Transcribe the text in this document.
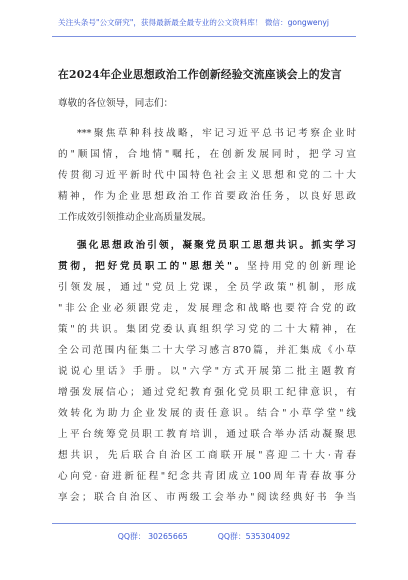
关注头条号"公文研究"，获得最新最全最专业的公文资料库！ 微信：gongwenyj
在2024年企业思想政治工作创新经验交流座谈会上的发言
尊敬的各位领导，同志们：
***聚焦草种科技战略，牢记习近平总书记考察企业时
的"顺国情，合地情"嘱托，在创新发展同时，把学习宣
传贯彻习近平新时代中国特色社会主义思想和党的二十大
精神，作为企业思想政治工作首要政治任务，以良好思政
工作成效引领推动企业高质量发展。
强化思想政治引领，凝聚党员职工思想共识。抓实学习
贯彻，把好党员职工的"思想关"。坚持用党的创新理论
引领发展，通过"党员上党课，全员学政策"机制，形成
"非公企业必须跟党走，发展理念和战略也要符合党的政
策"的共识。集团党委认真组织学习党的二十大精神，在
全公司范围内征集二十大学习感言870篇，并汇集成《小草
说说心里话》手册。以"六学"方式开展第二批主题教育
增强发展信心；通过党纪教育强化党员职工纪律意识，有
效转化为助力企业发展的责任意识。结合"小草学堂"线
上平台统筹党员职工教育培训，通过联合举办活动凝聚思
想共识，先后联合自治区工商联开展"喜迎二十大·青春
心向党·奋进新征程"纪念共青团成立100周年青春故事分
享会；联合自治区、市两级工会举办"阅读经典好书 争当
QQ群： 30265665	QQ群：535304092
